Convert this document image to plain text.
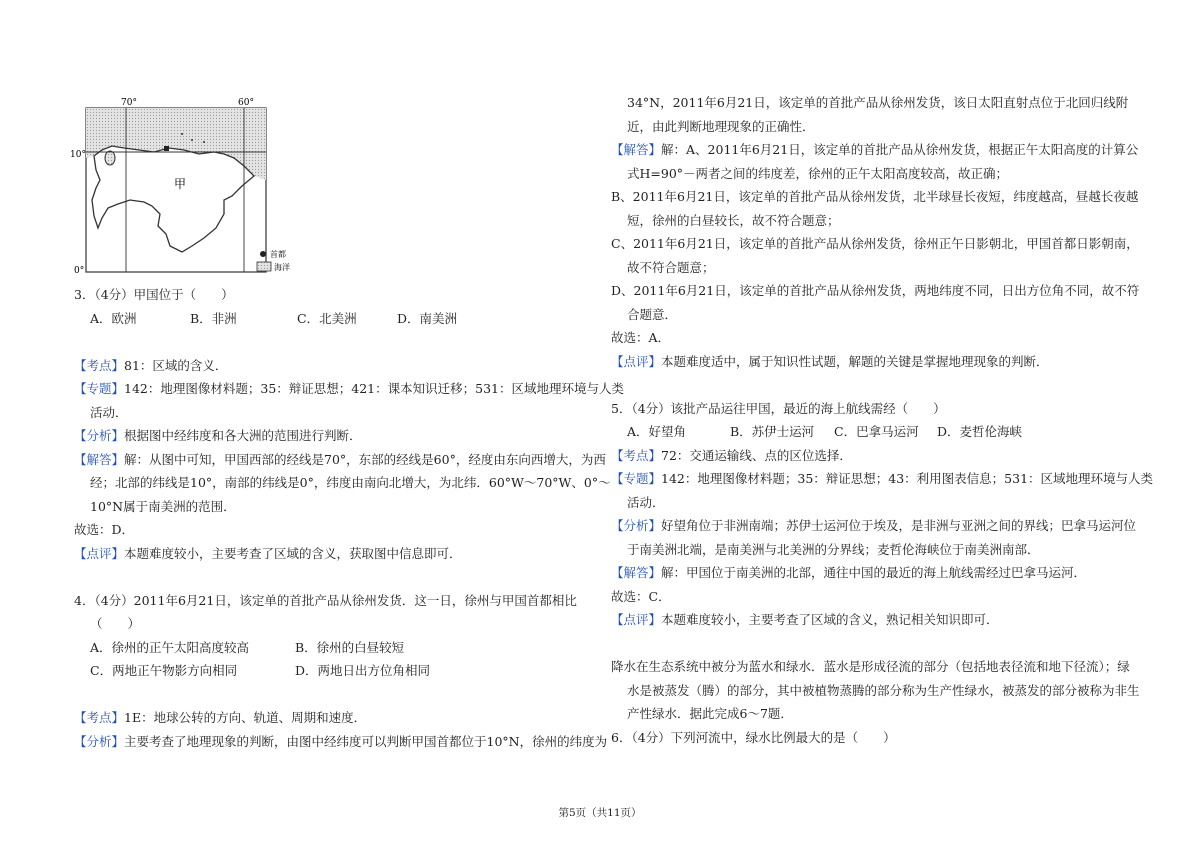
70°	60°
10°
0°
甲
首都
海洋
3．（4分）甲国位于（　　）
A．欧洲	B．非洲	C．北美洲	D．南美洲
【考点】81：区域的含义．
【专题】142：地理图像材料题；35：辩证思想；421：课本知识迁移；531：区域地理环境与人类
活动．
【分析】根据图中经纬度和各大洲的范围进行判断．
【解答】解：从图中可知，甲国西部的经线是70°，东部的经线是60°，经度由东向西增大，为西
经；北部的纬线是10°，南部的纬线是0°，纬度由南向北增大，为北纬．60°W～70°W、0°～
10°N属于南美洲的范围．
故选：D．
【点评】本题难度较小，主要考查了区域的含义，获取图中信息即可．
4．（4分）2011年6月21日，该定单的首批产品从徐州发货．这一日，徐州与甲国首都相比
（　　）
A．徐州的正午太阳高度较高	B．徐州的白昼较短
C．两地正午物影方向相同	D．两地日出方位角相同
【考点】1E：地球公转的方向、轨道、周期和速度．
【分析】主要考查了地理现象的判断，由图中经纬度可以判断甲国首都位于10°N，徐州的纬度为
34°N，2011年6月21日，该定单的首批产品从徐州发货，该日太阳直射点位于北回归线附
近，由此判断地理现象的正确性．
【解答】解：A、2011年6月21日，该定单的首批产品从徐州发货，根据正午太阳高度的计算公
式H=90°－两者之间的纬度差，徐州的正午太阳高度较高，故正确；
B、2011年6月21日，该定单的首批产品从徐州发货，北半球昼长夜短，纬度越高，昼越长夜越
短，徐州的白昼较长，故不符合题意；
C、2011年6月21日，该定单的首批产品从徐州发货，徐州正午日影朝北，甲国首都日影朝南，
故不符合题意；
D、2011年6月21日，该定单的首批产品从徐州发货，两地纬度不同，日出方位角不同，故不符
合题意．
故选：A．
【点评】本题难度适中，属于知识性试题，解题的关键是掌握地理现象的判断．
5．（4分）该批产品运往甲国，最近的海上航线需经（　　）
A．好望角	B．苏伊士运河 C．巴拿马运河 D．麦哲伦海峡
【考点】72：交通运输线、点的区位选择．
【专题】142：地理图像材料题；35：辩证思想；43：利用图表信息；531：区域地理环境与人类
活动．
【分析】好望角位于非洲南端；苏伊士运河位于埃及，是非洲与亚洲之间的界线；巴拿马运河位
于南美洲北端，是南美洲与北美洲的分界线；麦哲伦海峡位于南美洲南部．
【解答】解：甲国位于南美洲的北部，通往中国的最近的海上航线需经过巴拿马运河．
故选：C．
【点评】本题难度较小，主要考查了区域的含义，熟记相关知识即可．
降水在生态系统中被分为蓝水和绿水．蓝水是形成径流的部分（包括地表径流和地下径流）；绿
水是被蒸发（腾）的部分，其中被植物蒸腾的部分称为生产性绿水，被蒸发的部分被称为非生
产性绿水．据此完成6～7题．
6．（4分）下列河流中，绿水比例最大的是（　　）
第5页（共11页）
